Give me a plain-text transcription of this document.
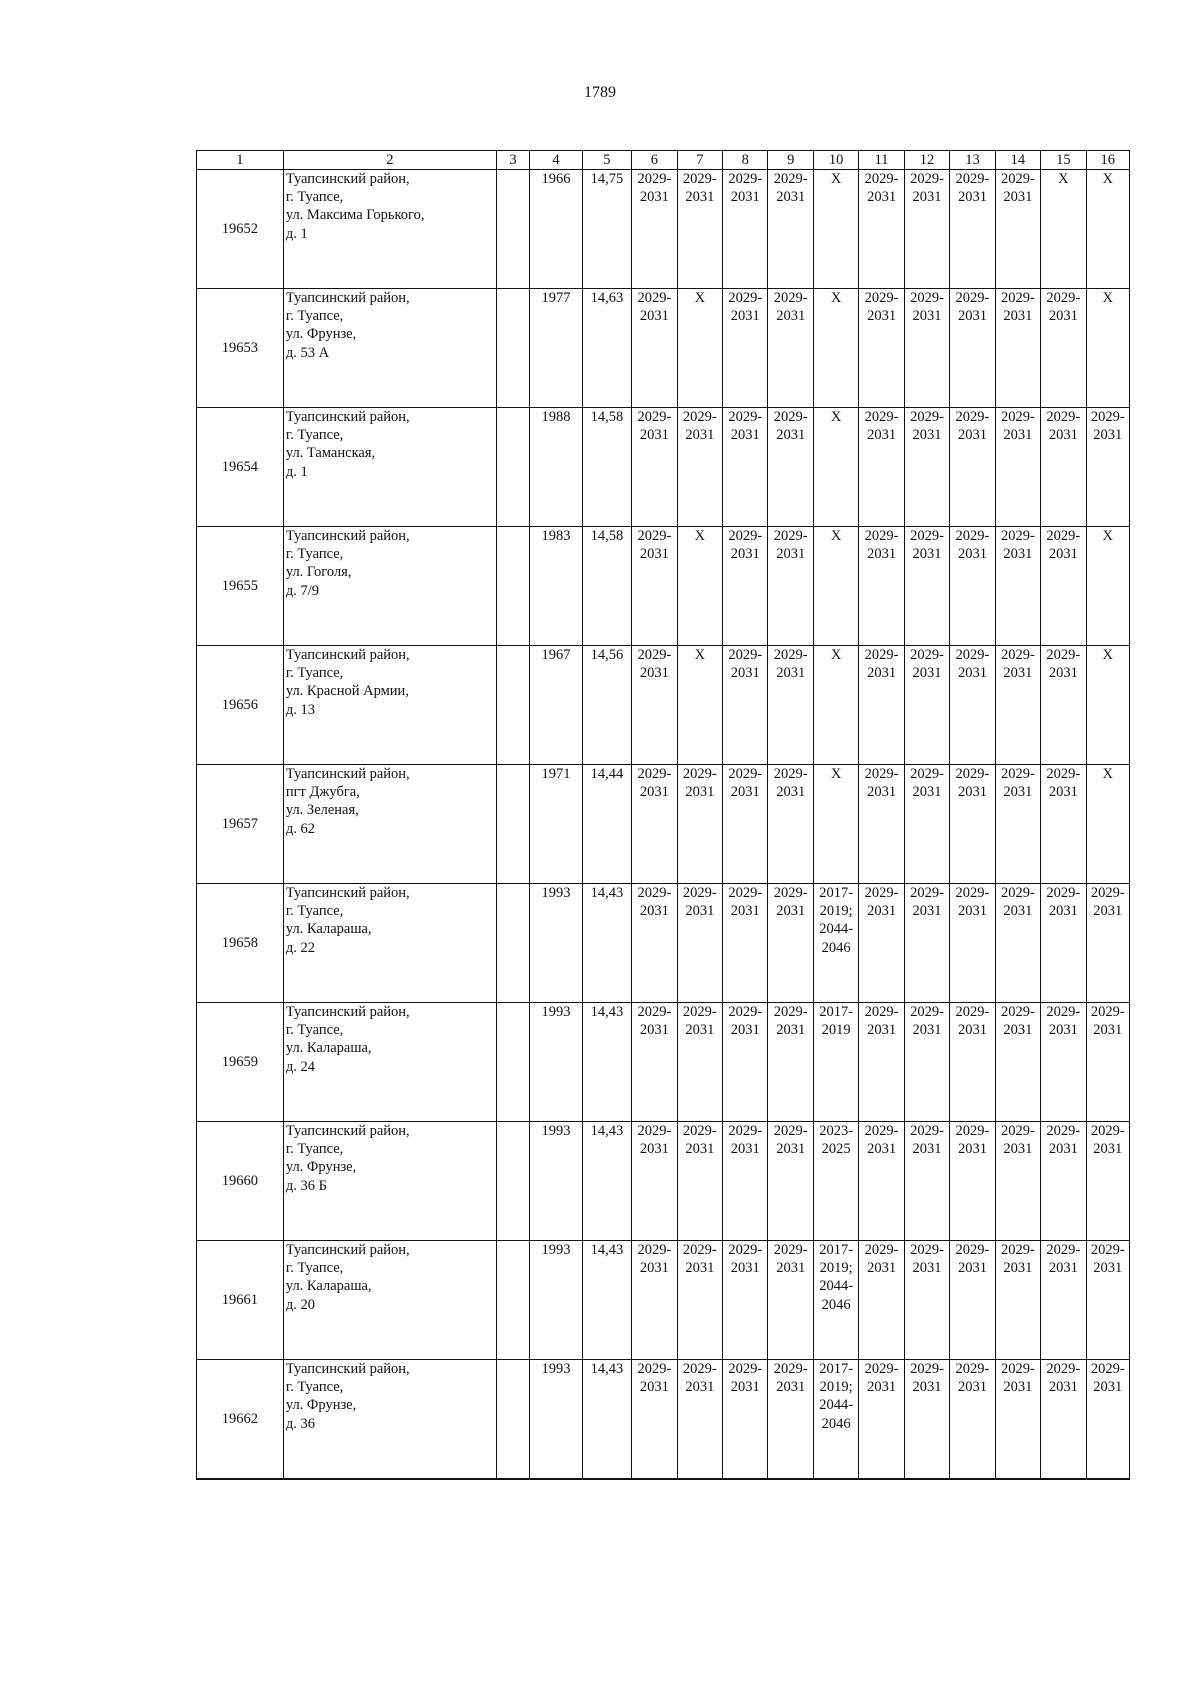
1789
1	2	3	4	5	6	7	8	9	10	11	12	13	14	15	16
19652	Туапсинский район,
г. Туапсе,
ул. Максима Горького,
д. 1		1966	14,75	2029-
2031	2029-
2031	2029-
2031	2029-
2031	Х	2029-
2031	2029-
2031	2029-
2031	2029-
2031	Х	Х
19653	Туапсинский район,
г. Туапсе,
ул. Фрунзе,
д. 53 А		1977	14,63	2029-
2031	Х	2029-
2031	2029-
2031	Х	2029-
2031	2029-
2031	2029-
2031	2029-
2031	2029-
2031	Х
19654	Туапсинский район,
г. Туапсе,
ул. Таманская,
д. 1		1988	14,58	2029-
2031	2029-
2031	2029-
2031	2029-
2031	Х	2029-
2031	2029-
2031	2029-
2031	2029-
2031	2029-
2031	2029-
2031
19655	Туапсинский район,
г. Туапсе,
ул. Гоголя,
д. 7/9		1983	14,58	2029-
2031	Х	2029-
2031	2029-
2031	Х	2029-
2031	2029-
2031	2029-
2031	2029-
2031	2029-
2031	Х
19656	Туапсинский район,
г. Туапсе,
ул. Красной Армии,
д. 13		1967	14,56	2029-
2031	Х	2029-
2031	2029-
2031	Х	2029-
2031	2029-
2031	2029-
2031	2029-
2031	2029-
2031	Х
19657	Туапсинский район,
пгт Джубга,
ул. Зеленая,
д. 62		1971	14,44	2029-
2031	2029-
2031	2029-
2031	2029-
2031	Х	2029-
2031	2029-
2031	2029-
2031	2029-
2031	2029-
2031	Х
19658	Туапсинский район,
г. Туапсе,
ул. Калараша,
д. 22		1993	14,43	2029-
2031	2029-
2031	2029-
2031	2029-
2031	2017-
2019;
2044-
2046	2029-
2031	2029-
2031	2029-
2031	2029-
2031	2029-
2031	2029-
2031
19659	Туапсинский район,
г. Туапсе,
ул. Калараша,
д. 24		1993	14,43	2029-
2031	2029-
2031	2029-
2031	2029-
2031	2017-
2019	2029-
2031	2029-
2031	2029-
2031	2029-
2031	2029-
2031	2029-
2031
19660	Туапсинский район,
г. Туапсе,
ул. Фрунзе,
д. 36 Б		1993	14,43	2029-
2031	2029-
2031	2029-
2031	2029-
2031	2023-
2025	2029-
2031	2029-
2031	2029-
2031	2029-
2031	2029-
2031	2029-
2031
19661	Туапсинский район,
г. Туапсе,
ул. Калараша,
д. 20		1993	14,43	2029-
2031	2029-
2031	2029-
2031	2029-
2031	2017-
2019;
2044-
2046	2029-
2031	2029-
2031	2029-
2031	2029-
2031	2029-
2031	2029-
2031
19662	Туапсинский район,
г. Туапсе,
ул. Фрунзе,
д. 36		1993	14,43	2029-
2031	2029-
2031	2029-
2031	2029-
2031	2017-
2019;
2044-
2046	2029-
2031	2029-
2031	2029-
2031	2029-
2031	2029-
2031	2029-
2031
